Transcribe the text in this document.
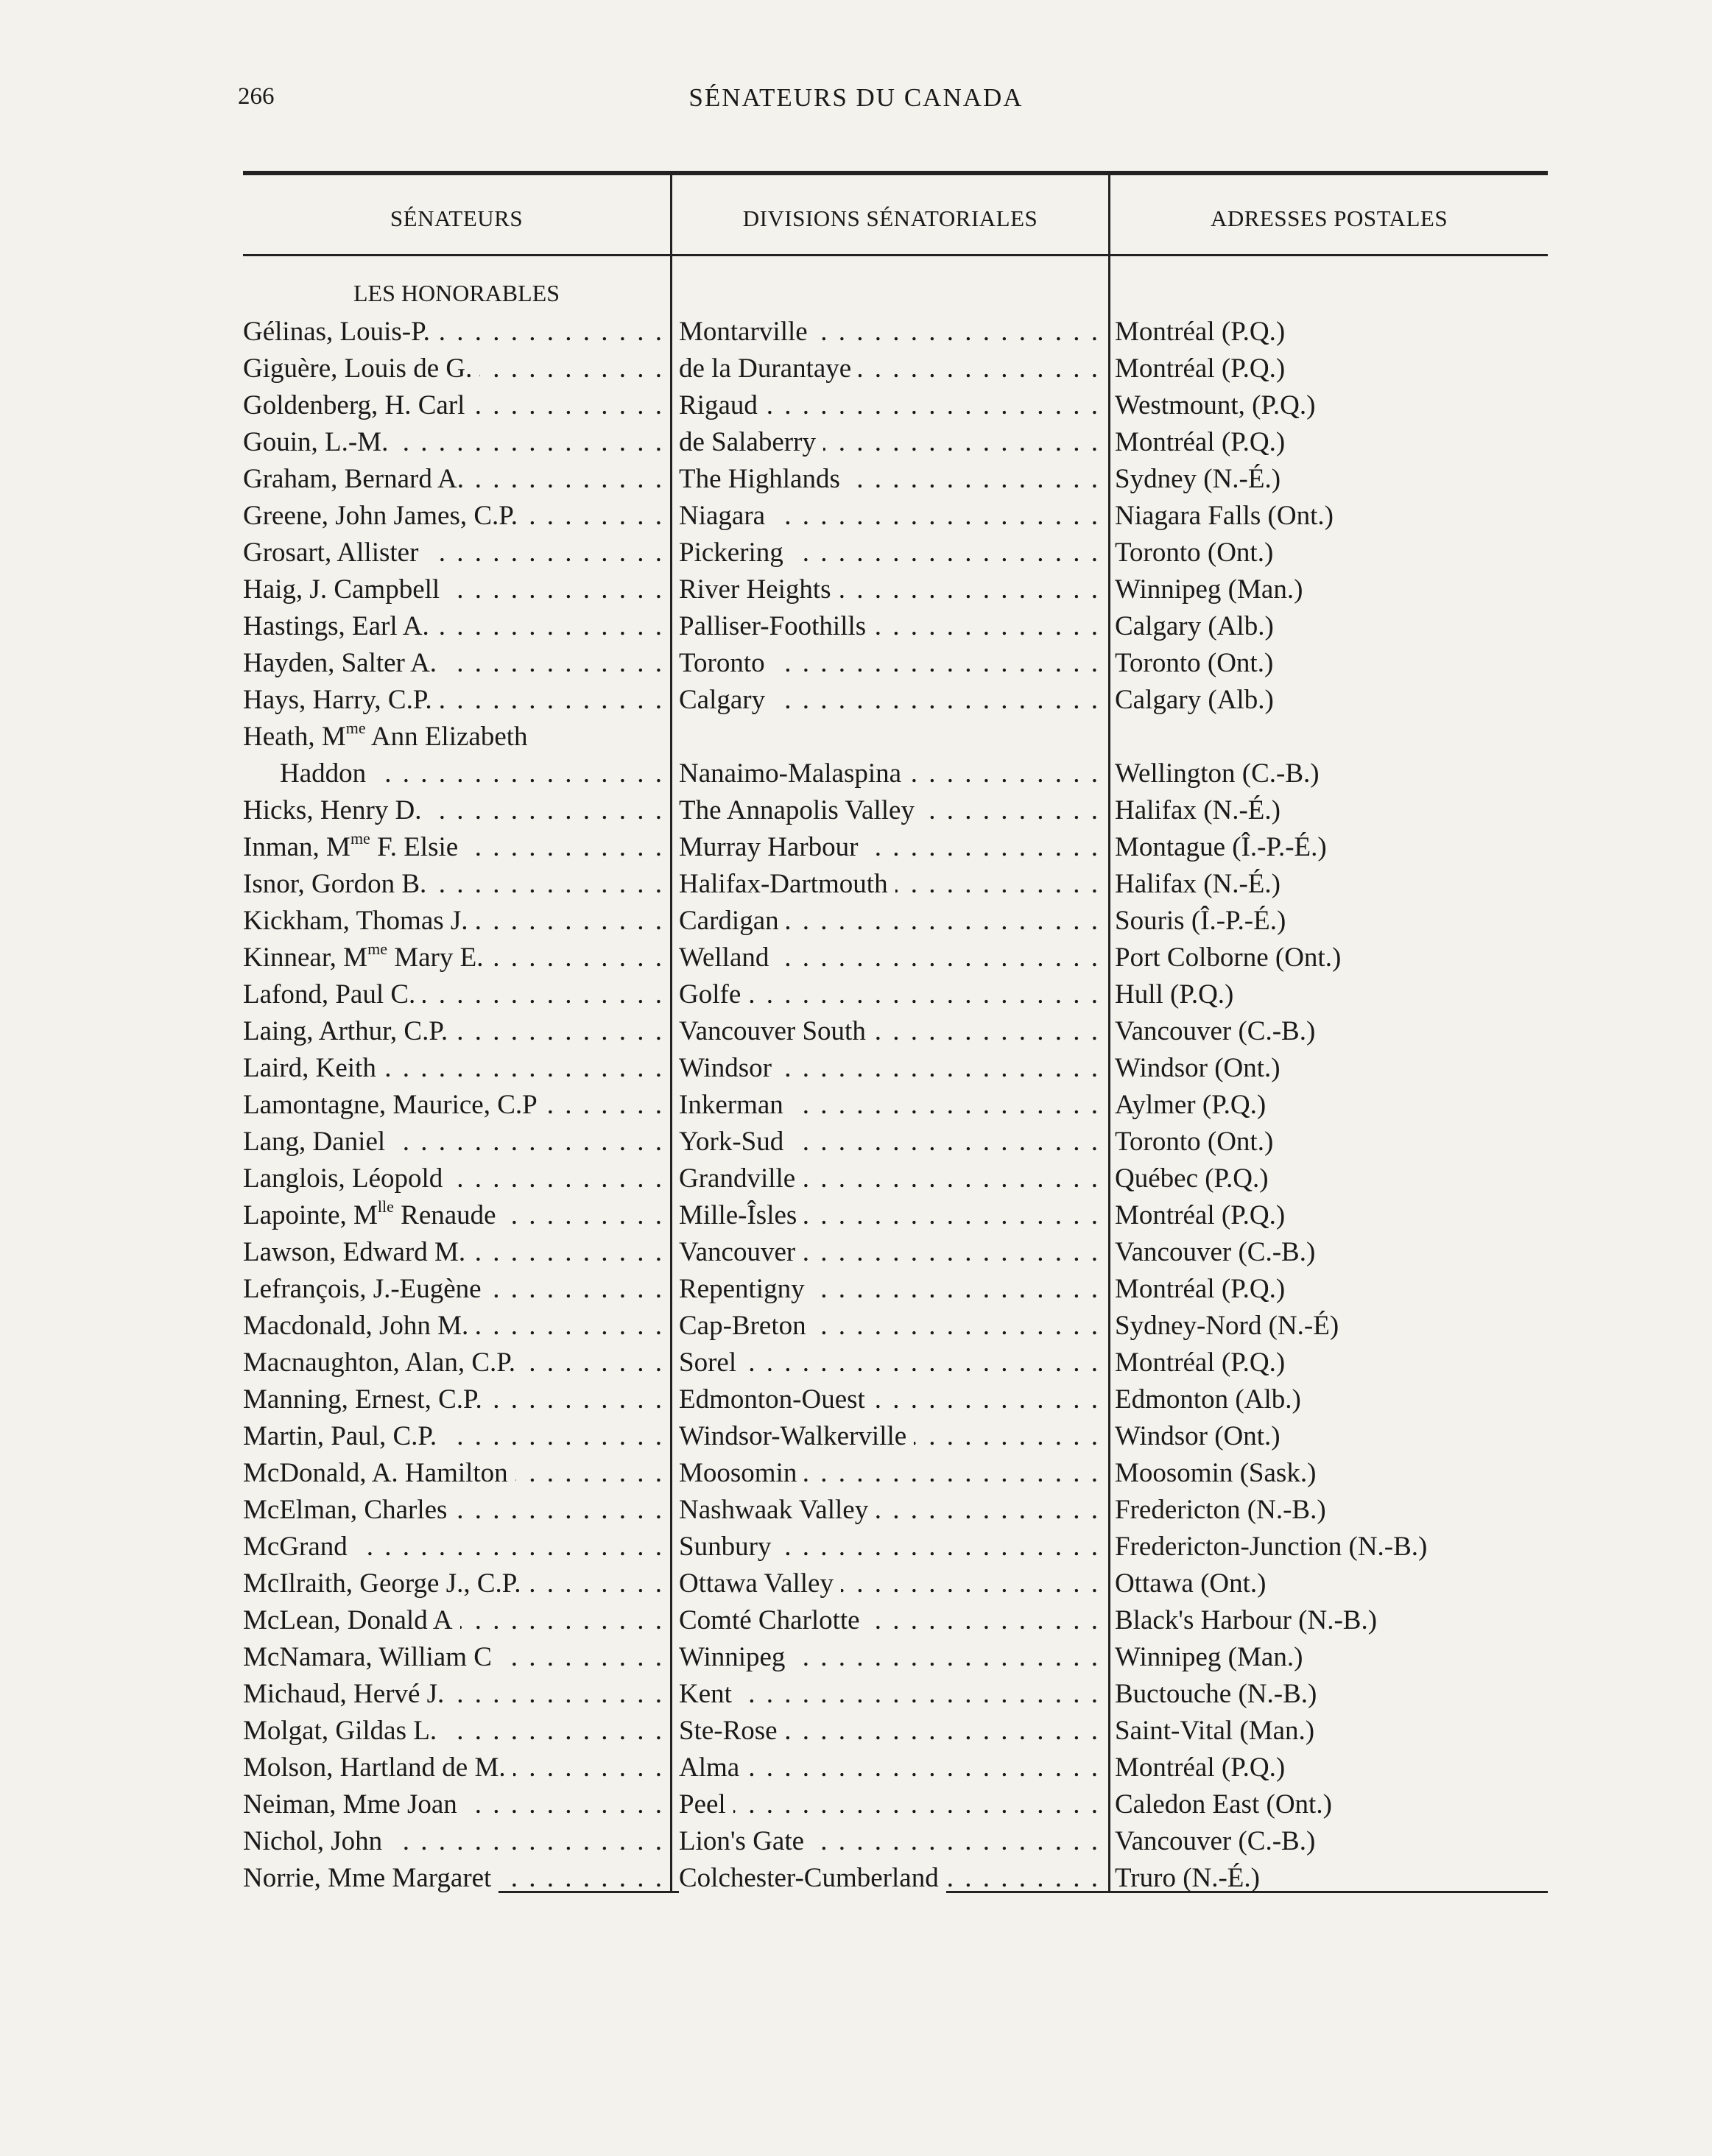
266	SÉNATEURS DU CANADA
SÉNATEURS	DIVISIONS SÉNATORIALES	ADRESSES POSTALES
LES HONORABLES
Gélinas, Louis-P. . . .	Montarville . . .	Montréal (P.Q.)
Giguère, Louis de G. . . .	de la Durantaye . . .	Montréal (P.Q.)
Goldenberg, H. Carl . . .	Rigaud . . .	Westmount, (P.Q.)
Gouin, L.-M. . . .	de Salaberry . . .	Montréal (P.Q.)
Graham, Bernard A. . . .	The Highlands . . .	Sydney (N.-É.)
Greene, John James, C.P. . . .	Niagara . . .	Niagara Falls (Ont.)
Grosart, Allister . . .	Pickering . . .	Toronto (Ont.)
Haig, J. Campbell . . .	River Heights . . .	Winnipeg (Man.)
Hastings, Earl A. . . .	Palliser-Foothills . . .	Calgary (Alb.)
Hayden, Salter A. . . .	Toronto . . .	Toronto (Ont.)
Hays, Harry, C.P. . . .	Calgary . . .	Calgary (Alb.)
Heath, $M^{me}$ Ann Elizabeth
Haddon . . .	Nanaimo-Malaspina . . .	Wellington (C.-B.)
Hicks, Henry D. . . .	The Annapolis Valley . . .	Halifax (N.-É.)
Inman, $M^{me}$ F. Elsie . . .	Murray Harbour . . .	Montague (Î.-P.-É.)
Isnor, Gordon B. . . .	Halifax-Dartmouth . . .	Halifax (N.-É.)
Kickham, Thomas J. . . .	Cardigan . . .	Souris (Î.-P.-É.)
Kinnear, $M^{me}$ Mary E. . . .	Welland . . .	Port Colborne (Ont.)
Lafond, Paul C. . . .	Golfe . . .	Hull (P.Q.)
Laing, Arthur, C.P. . . .	Vancouver South . . .	Vancouver (C.-B.)
Laird, Keith . . .	Windsor . . .	Windsor (Ont.)
Lamontagne, Maurice, C.P . . .	Inkerman . . .	Aylmer (P.Q.)
Lang, Daniel . . .	York-Sud . . .	Toronto (Ont.)
Langlois, Léopold . . .	Grandville . . .	Québec (P.Q.)
Lapointe, $M^{lle}$ Renaude . . .	Mille-Îsles . . .	Montréal (P.Q.)
Lawson, Edward M. . . .	Vancouver . . .	Vancouver (C.-B.)
Lefrançois, J.-Eugène . . .	Repentigny . . .	Montréal (P.Q.)
Macdonald, John M. . . .	Cap-Breton . . .	Sydney-Nord (N.-É)
Macnaughton, Alan, C.P. . . .	Sorel . . .	Montréal (P.Q.)
Manning, Ernest, C.P. . . .	Edmonton-Ouest . . .	Edmonton (Alb.)
Martin, Paul, C.P. . . .	Windsor-Walkerville . . .	Windsor (Ont.)
McDonald, A. Hamilton . . .	Moosomin . . .	Moosomin (Sask.)
McElman, Charles . . .	Nashwaak Valley . . .	Fredericton (N.-B.)
McGrand . . .	Sunbury . . .	Fredericton-Junction (N.-B.)
McIlraith, George J., C.P. . . .	Ottawa Valley . . .	Ottawa (Ont.)
McLean, Donald A . . .	Comté Charlotte . . .	Black's Harbour (N.-B.)
McNamara, William C . . .	Winnipeg . . .	Winnipeg (Man.)
Michaud, Hervé J. . . .	Kent . . .	Buctouche (N.-B.)
Molgat, Gildas L. . . .	Ste-Rose . . .	Saint-Vital (Man.)
Molson, Hartland de M. . . .	Alma . . .	Montréal (P.Q.)
Neiman, Mme Joan . . .	Peel . . .	Caledon East (Ont.)
Nichol, John . . .	Lion's Gate . . .	Vancouver (C.-B.)
Norrie, Mme Margaret . . .	Colchester-Cumberland . . .	Truro (N.-É.)
